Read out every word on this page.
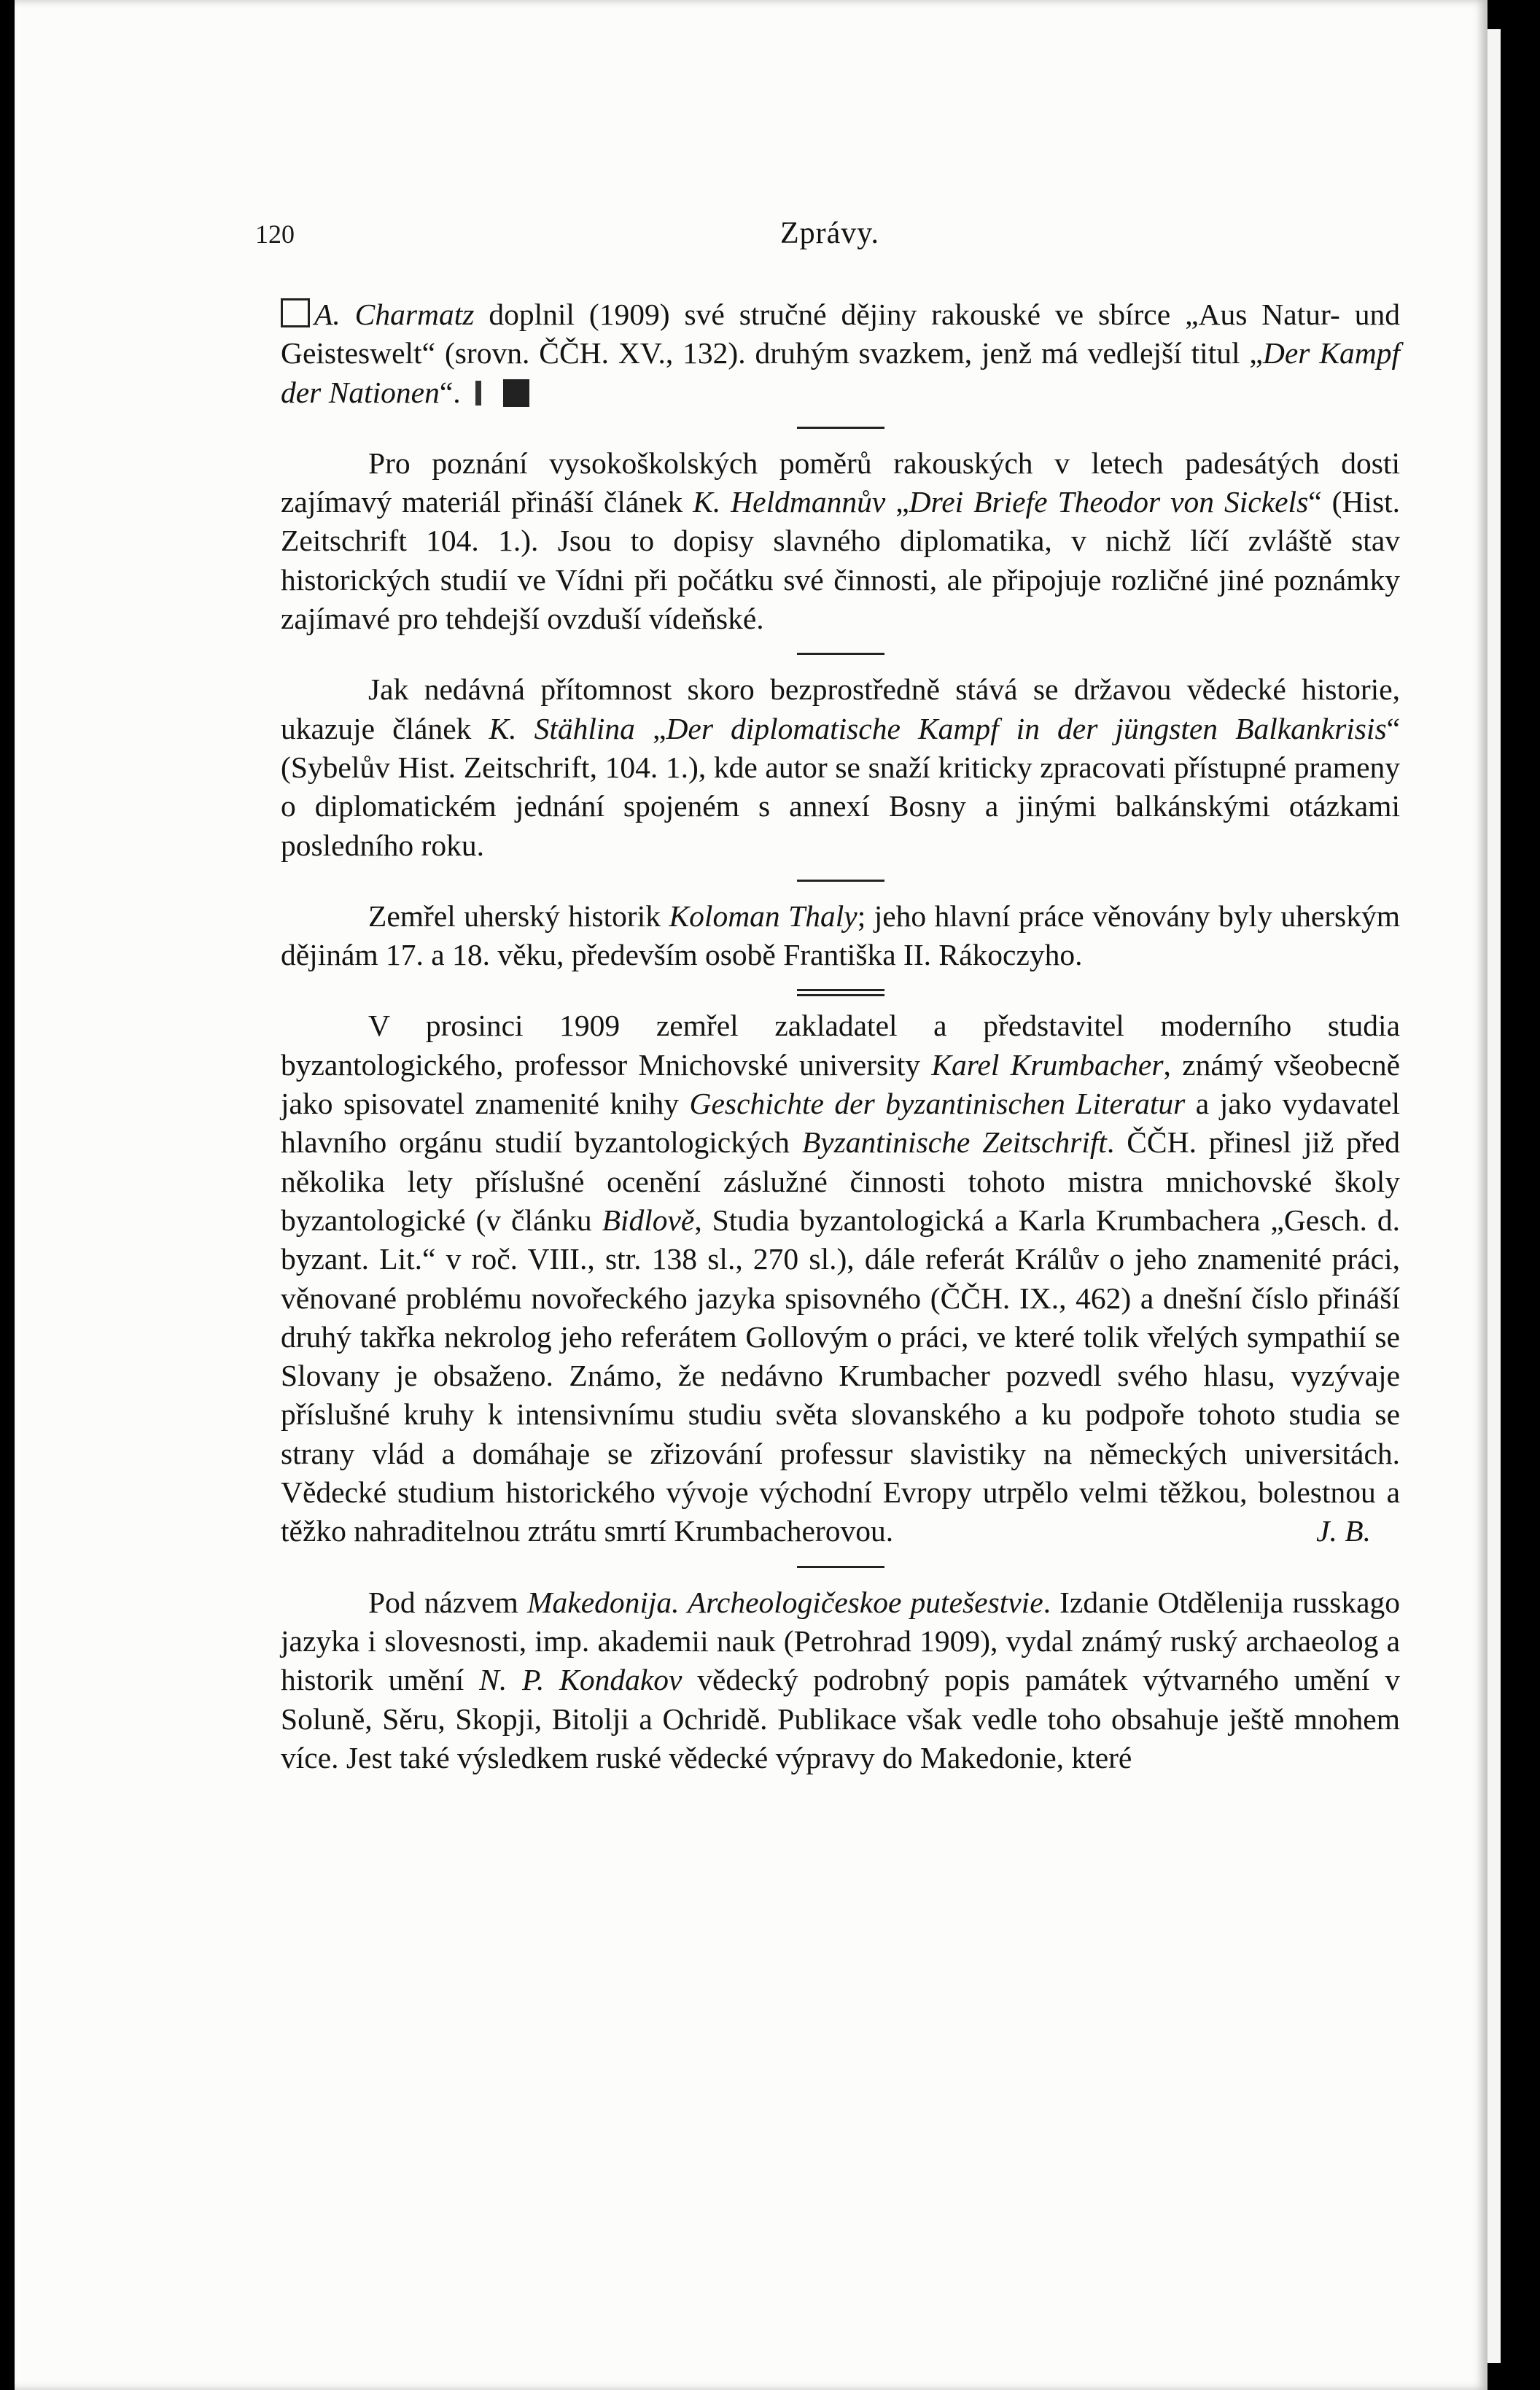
120	Zprávy.

A. Charmatz doplnil (1909) své stručné dějiny rakouské ve sbírce „Aus Natur- und Geisteswelt“ (srovn. ČČH. XV., 132). druhým svazkem, jenž má vedlejší titul „Der Kampf der Nationen“.

Pro poznání vysokoškolských poměrů rakouských v letech padesátých dosti zajímavý materiál přináší článek K. Heldmannův „Drei Briefe Theodor von Sickels“ (Hist. Zeitschrift 104. 1.). Jsou to dopisy slavného diplomatika, v nichž líčí zvláště stav historických studií ve Vídni při počátku své činnosti, ale připojuje rozličné jiné poznámky zajímavé pro tehdejší ovzduší vídeňské.

Jak nedávná přítomnost skoro bezprostředně stává se državou vědecké historie, ukazuje článek K. Stählina „Der diplomatische Kampf in der jüngsten Balkankrisis“ (Sybelův Hist. Zeitschrift, 104. 1.), kde autor se snaží kriticky zpracovati přístupné prameny o diplomatickém jednání spojeném s annexí Bosny a jinými balkánskými otázkami posledního roku.

Zemřel uherský historik Koloman Thaly; jeho hlavní práce věnovány byly uherským dějinám 17. a 18. věku, především osobě Františka II. Rákoczyho.

V prosinci 1909 zemřel zakladatel a představitel moderního studia byzantologického, professor Mnichovské university Karel Krumbacher, známý všeobecně jako spisovatel znamenité knihy Geschichte der byzantinischen Literatur a jako vydavatel hlavního orgánu studií byzantologických Byzantinische Zeitschrift. ČČH. přinesl již před několika lety příslušné ocenění záslužné činnosti tohoto mistra mnichovské školy byzantologické (v článku Bidlově, Studia byzantologická a Karla Krumbachera „Gesch. d. byzant. Lit.“ v roč. VIII., str. 138 sl., 270 sl.), dále referát Králův o jeho znamenité práci, věnované problému novořeckého jazyka spisovného (ČČH. IX., 462) a dnešní číslo přináší druhý takřka nekrolog jeho referátem Gollovým o práci, ve které tolik vřelých sympathií se Slovany je obsaženo. Známo, že nedávno Krumbacher pozvedl svého hlasu, vyzývaje příslušné kruhy k intensivnímu studiu světa slovanského a ku podpoře tohoto studia se strany vlád a domáhaje se zřizování professur slavistiky na německých universitách. Vědecké studium historického vývoje východní Evropy utrpělo velmi těžkou, bolestnou a těžko nahraditelnou ztrátu smrtí Krumbacherovou.	J. B.

Pod názvem Makedonija. Archeologičeskoe putešestvie. Izdanie Otdělenija russkago jazyka i slovesnosti, imp. akademii nauk (Petrohrad 1909), vydal známý ruský archaeolog a historik umění N. P. Kondakov vědecký podrobný popis památek výtvarného umění v Soluně, Sěru, Skopji, Bitolji a Ochridě. Publikace však vedle toho obsahuje ještě mnohem více. Jest také výsledkem ruské vědecké výpravy do Makedonie, které
